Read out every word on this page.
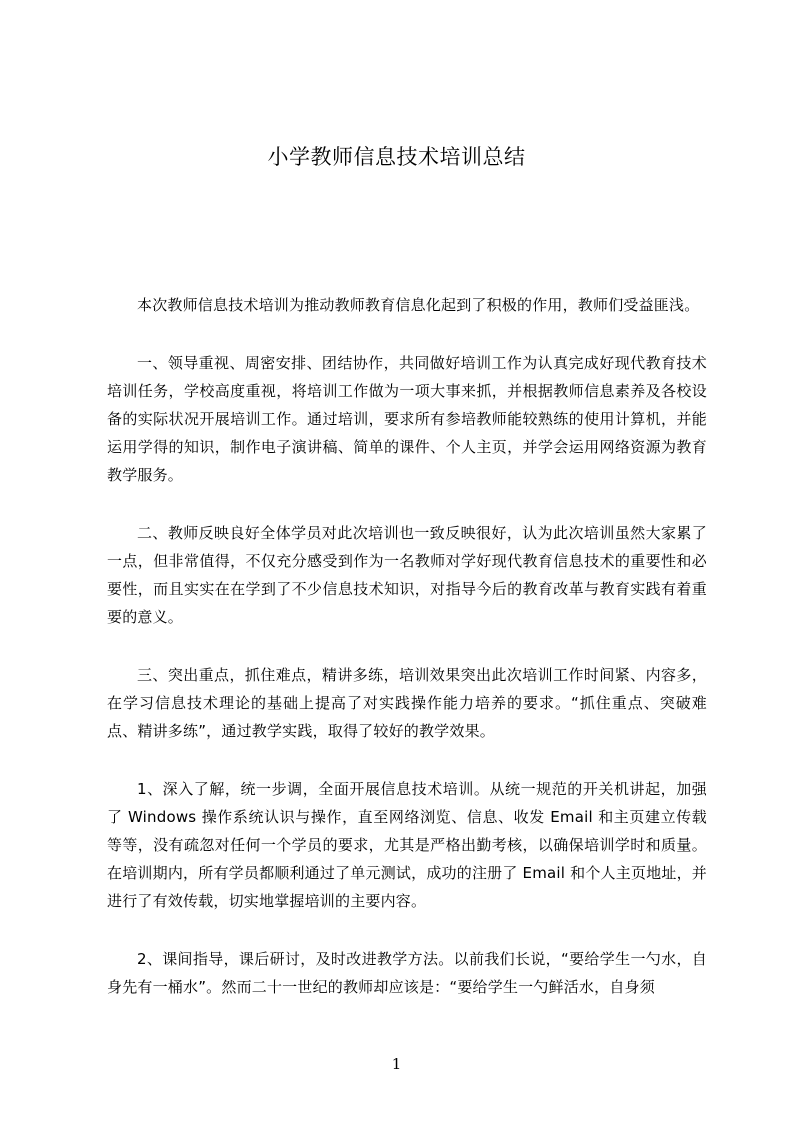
小学教师信息技术培训总结

本次教师信息技术培训为推动教师教育信息化起到了积极的作用，教师们受益匪浅。

一、领导重视、周密安排、团结协作，共同做好培训工作为认真完成好现代教育技术培训任务，学校高度重视，将培训工作做为一项大事来抓，并根据教师信息素养及各校设备的实际状况开展培训工作。通过培训，要求所有参培教师能较熟练的使用计算机，并能运用学得的知识，制作电子演讲稿、简单的课件、个人主页，并学会运用网络资源为教育教学服务。

二、教师反映良好全体学员对此次培训也一致反映很好，认为此次培训虽然大家累了一点，但非常值得，不仅充分感受到作为一名教师对学好现代教育信息技术的重要性和必要性，而且实实在在学到了不少信息技术知识，对指导今后的教育改革与教育实践有着重要的意义。

三、突出重点，抓住难点，精讲多练，培训效果突出此次培训工作时间紧、内容多，在学习信息技术理论的基础上提高了对实践操作能力培养的要求。“抓住重点、突破难点、精讲多练”，通过教学实践，取得了较好的教学效果。

1、深入了解，统一步调，全面开展信息技术培训。从统一规范的开关机讲起，加强了 Windows 操作系统认识与操作，直至网络浏览、信息、收发 Email 和主页建立传载等等，没有疏忽对任何一个学员的要求，尤其是严格出勤考核，以确保培训学时和质量。在培训期内，所有学员都顺利通过了单元测试，成功的注册了 Email 和个人主页地址，并进行了有效传载，切实地掌握培训的主要内容。

2、课间指导，课后研讨，及时改进教学方法。以前我们长说，“要给学生一勺水，自身先有一桶水”。然而二十一世纪的教师却应该是：“要给学生一勺鲜活水，自身须

1
